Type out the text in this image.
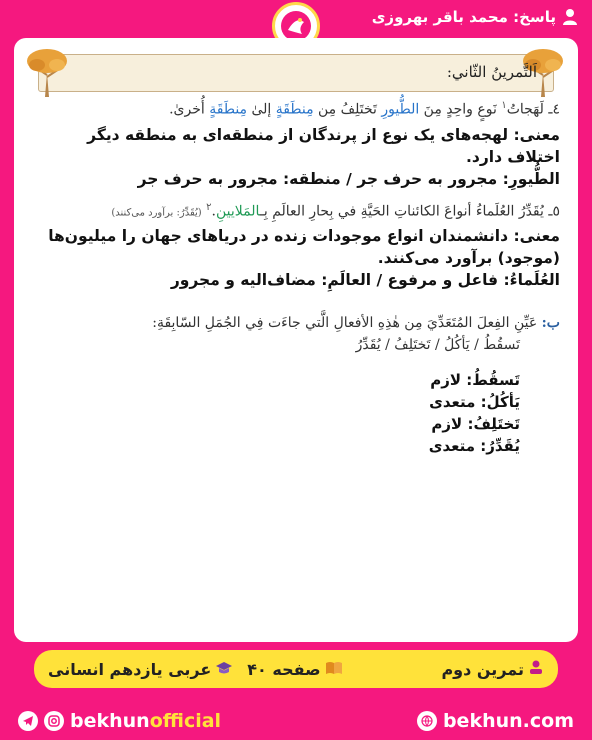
پاسخ: محمد باقر بهروزی
اَلتَّمرینُ الثّاني:
٤ـ لَهَجاتُ$^۱$ نَوعٍ واحِدٍ مِنَ الطُّیورِ تَختَلِفُ مِن مِنطَقَةٍ إلیٰ مِنطَقَةٍ أُخریٰ.
معنی: لهجه‌های یک نوع از پرندگان از منطقه‌ای به منطقه دیگر اختلاف دارد.
الطُّیورِ: مجرور به حرف جر / منطقه: مجرور به حرف جر
٥ـ یُقَدِّرُ العُلَماءُ أنواعَ الکائناتِ الحَیَّةِ في بِحارِ العالَمِ بِـالمَلایینِ.$^۲$ (یُقَدِّرُ: برآورد می‌کنند)
معنی: دانشمندان انواع موجودات زنده در دریاهای جهان را میلیون‌ها (موجود) برآورد می‌کنند.
العُلَماءُ: فاعل و مرفوع / العالَمِ: مضاف‌الیه و مجرور
ب: عَیِّنِ الفِعلَ المُتَعَدِّيَ مِن هٰذِهِ الأفعالِ الَّتي جاءَت فِي الجُمَلِ السّابِقَةِ:
تَسقُطُ / یَأکُلُ / تَختَلِفُ / یُقَدِّرُ
تَسقُطُ: لازم
یَأکُلُ: متعدی
تَختَلِفُ: لازم
یُقَدِّرُ: متعدی
تمرین دوم
صفحه ۴٠
عربی یازدهم انسانی
bekhunofficial	bekhun.com
